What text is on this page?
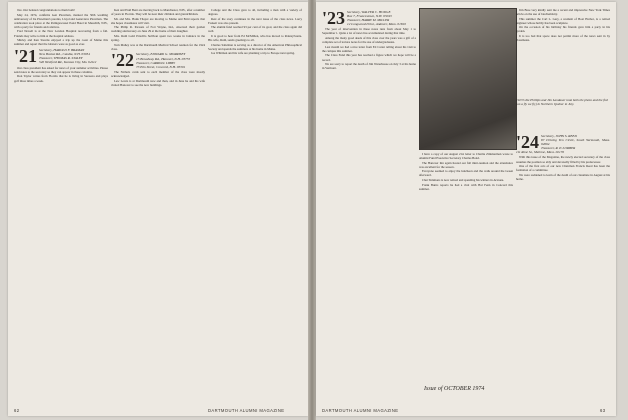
live. Our belated congratulations to them both!

May 24, 1974, confirms Gen Plowman, marked the 50th wedding anniversary of Ira Plowman's parents, Lloyd and Genevieve Plowman. The celebration took place at the Pemigewasset Pond Hotel in Meredith, N.H., with a party for friends and relatives.

Fred Newell is at the New London Hospital recovering from a fall. Friends may write to him at the hospital address.

Shirley and Ken Stearns enjoyed a trip up the coast of Maine this summer and report that the lobsters were as good as ever.

'21 Secretary, HAROLD F. BRAMAN
New Boston Rd., Candia, N.H. 03034
Treasurer, THOMAS R. STALEY
540 Westford Rd., Kansas City, Mo. 64112

Our class president has asked for news of your summer activities. Please send notes to the secretary so they can appear in these columns.

Don Taylor writes from Florida that he is living in Sarasota and plays golf three times a week.

Ken and Enid Bent are moving back to Manchester, N.H., after a number of years in Florida. They will be near their children and grandchildren.

Mr. and Mrs. Hank Thayer are moving to Maine and Enid reports that she hopes classmates will visit.

The Philip R. Parsons of Fort Wayne, Ind., observed their golden wedding anniversary on June 29 at the home of their daughter.

Mrs. Ruth Ladd Priscilla Sullivan spent two weeks in Jamaica in the spring.

Tom Mahey was at the Dartmouth Medical School reunion for the 1924 class.

'22 Secretary, EDWARD G. MORRISEY
15 Broadway Rd., Hanover, N.H. 03755
Treasurer, CARROLL LIBBY
73 Elm Street, Concord, N.H. 03301

The Nichols cards sent to each member of the class were mostly acknowledged.

Lew Lewis is at Dartmouth now and then, and in June he and his wife visited Hanover to see the new buildings.

College and the Class gave to all, including a man with a variety of degrees.

Rest of the story continues in the next issue of the class news. Larry Foskett was also present.

The alumni fund reached 93 per cent of its goal, and the class again did well.

It is good to hear from Ed McMillen, who has moved to Pennsylvania. His wife, Ruth, sends greetings to all.

Charles Saltzman is serving as a director of the American Philosophical Society and spends the summers at his home in Maine.

Joe Whitman and his wife are planning a trip to Europe next spring.

62	DARTMOUTH ALUMNI MAGAZINE
'23 Secretary, WALTER C. HODGE
Box 7, Francestown, N.H. 03043
Treasurer, HARRY M. MILLER
12 Longwood Drive, Andover, Mass. 01810

The year of intervention in these notes runs from about May 1 to September 1. Quite a lot of news has accumulated during that time.

Among the many good deeds of this class over the years was a gift of a complete set of lecture notes for the use of undergraduates.

Last month we had a nice letter from Ed Carter telling about his visit to the campus this summer.

The Class Fund this year has reached a figure which we hope will be a record.

We are sorry to report the death of Jim Waterhouse on July 3 at his home in Vermont.

1923's Ike Phillips and Jim Landauer took both the photo and the fish (on a fly we fly) in Northern Quebec in July.

I have a copy of our August 21st letter to Charlie Zimmerman wrote to Alumni Fund Executive Secretary Charles Bond.

The Hanover Inn again hosted our fall mini-reunion and the attendance was excellent for the season.

Everyone seemed to enjoy the luncheon and the walk around the Green afterward.

Chet Simmons is now retired and spending his winters in Arizona.

Frank Burns reports he had a visit with Hal Fenn in Concord this summer.

Jim Bree very kindly sent me a recent and impressive New York Times article on the use of biochemistry.

This summer the Carl L. Gary, a resident of Boat Harbor, is a retired engineer whose hobby has been sculpture.

On the occasion of his birthday his friends gave him a party in his garden.

It is too bad that space does not permit more of the news sent in by classmates.

'24 Secretary, JOHN S. REED
87 Driving Ten Circle, South Yarmouth, Mass. 02664
Treasurer, R. P. LORBER
111 Rose St., Melrose, Mass. 02176

With this issue of the Magazine, the newly elected secretary of the class assumes the position so ably and devotedly filled by his predecessor.

One of the first acts of our new Chairman Francis Reed has been the formation of a committee.

We were saddened to learn of the death of our classmate in August at his home.

Issue of OCTOBER 1974
DARTMOUTH ALUMNI MAGAZINE	63
